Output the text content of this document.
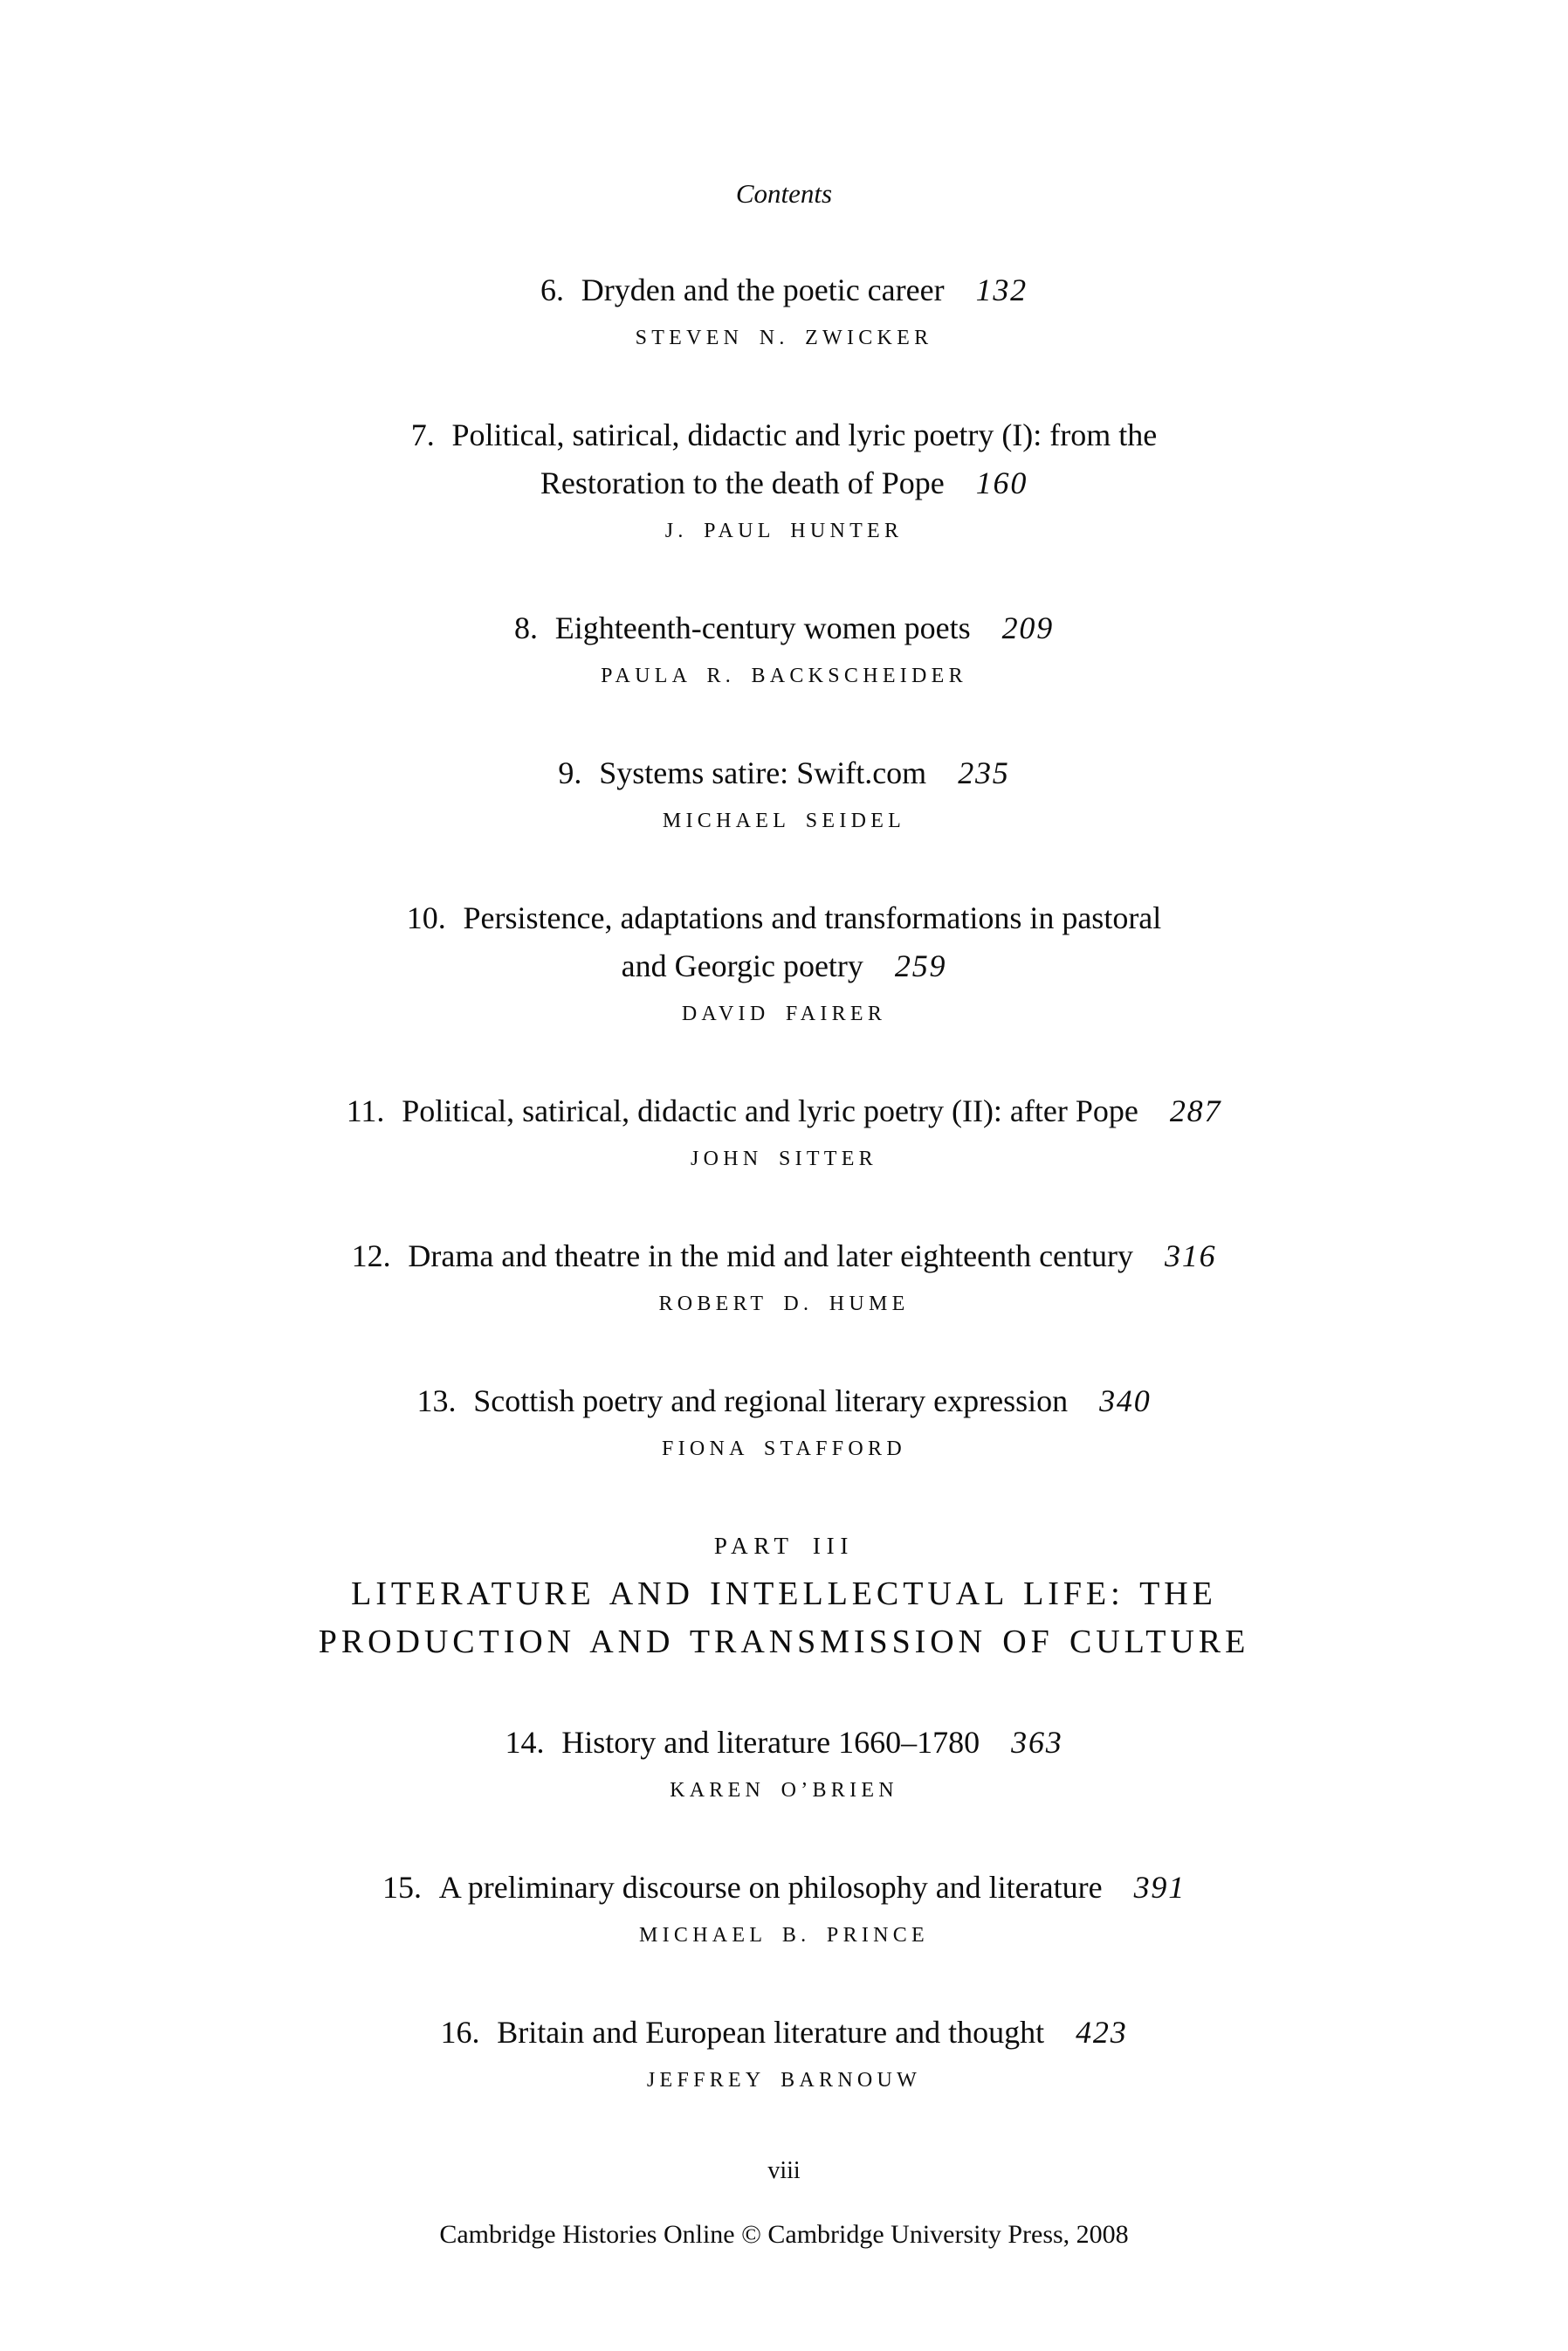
Contents
6. Dryden and the poetic career 132
STEVEN N. ZWICKER
7. Political, satirical, didactic and lyric poetry (I): from the
Restoration to the death of Pope 160
J. PAUL HUNTER
8. Eighteenth-century women poets 209
PAULA R. BACKSCHEIDER
9. Systems satire: Swift.com 235
MICHAEL SEIDEL
10. Persistence, adaptations and transformations in pastoral
and Georgic poetry 259
DAVID FAIRER
11. Political, satirical, didactic and lyric poetry (II): after Pope 287
JOHN SITTER
12. Drama and theatre in the mid and later eighteenth century 316
ROBERT D. HUME
13. Scottish poetry and regional literary expression 340
FIONA STAFFORD
PART III
LITERATURE AND INTELLECTUAL LIFE: THE
PRODUCTION AND TRANSMISSION OF CULTURE
14. History and literature 1660–1780 363
KAREN O’BRIEN
15. A preliminary discourse on philosophy and literature 391
MICHAEL B. PRINCE
16. Britain and European literature and thought 423
JEFFREY BARNOUW
viii
Cambridge Histories Online © Cambridge University Press, 2008
